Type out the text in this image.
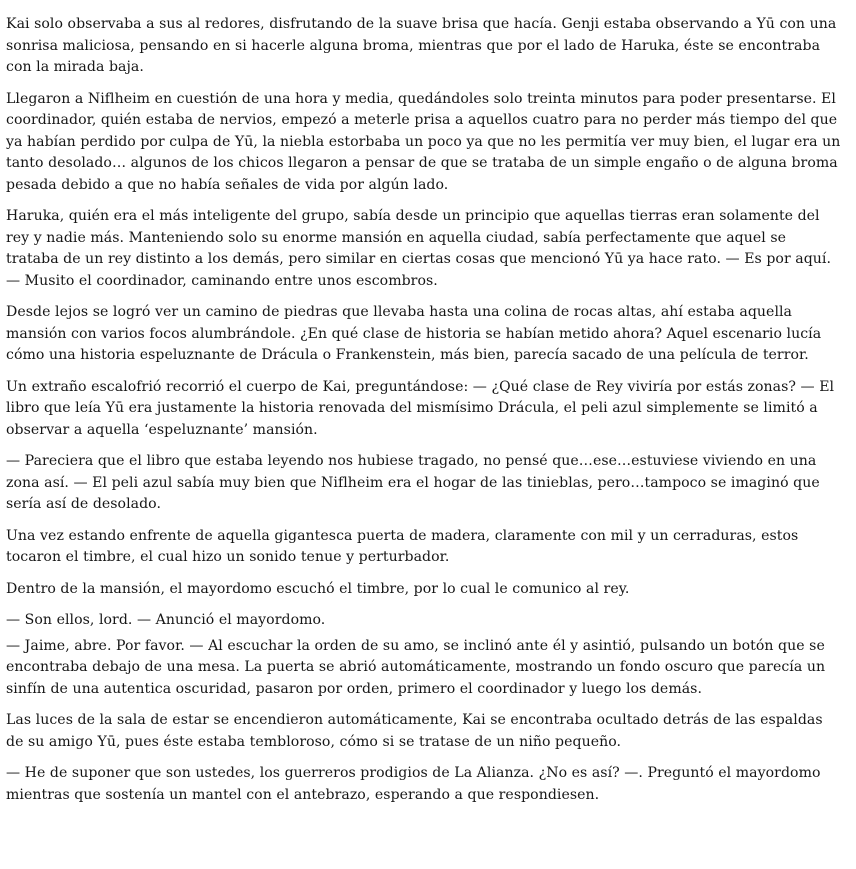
Kai solo observaba a sus al redores, disfrutando de la suave brisa que hacía. Genji estaba observando a Yū con una sonrisa maliciosa, pensando en si hacerle alguna broma, mientras que por el lado de Haruka, éste se encontraba con la mirada baja.

Llegaron a Niflheim en cuestión de una hora y media, quedándoles solo treinta minutos para poder presentarse. El coordinador, quién estaba de nervios, empezó a meterle prisa a aquellos cuatro para no perder más tiempo del que ya habían perdido por culpa de Yū, la niebla estorbaba un poco ya que no les permitía ver muy bien, el lugar era un tanto desolado… algunos de los chicos llegaron a pensar de que se trataba de un simple engaño o de alguna broma pesada debido a que no había señales de vida por algún lado.

Haruka, quién era el más inteligente del grupo, sabía desde un principio que aquellas tierras eran solamente del rey y nadie más. Manteniendo solo su enorme mansión en aquella ciudad, sabía perfectamente que aquel se trataba de un rey distinto a los demás, pero similar en ciertas cosas que mencionó Yū ya hace rato. — Es por aquí. — Musito el coordinador, caminando entre unos escombros.

Desde lejos se logró ver un camino de piedras que llevaba hasta una colina de rocas altas, ahí estaba aquella mansión con varios focos alumbrándole. ¿En qué clase de historia se habían metido ahora? Aquel escenario lucía cómo una historia espeluznante de Drácula o Frankenstein, más bien, parecía sacado de una película de terror.

Un extraño escalofrió recorrió el cuerpo de Kai, preguntándose: — ¿Qué clase de Rey viviría por estás zonas? — El libro que leía Yū era justamente la historia renovada del mismísimo Drácula, el peli azul simplemente se limitó a observar a aquella ‘espeluznante’ mansión.

— Pareciera que el libro que estaba leyendo nos hubiese tragado, no pensé que…ese…estuviese viviendo en una zona así. — El peli azul sabía muy bien que Niflheim era el hogar de las tinieblas, pero…tampoco se imaginó que sería así de desolado.

Una vez estando enfrente de aquella gigantesca puerta de madera, claramente con mil y un cerraduras, estos tocaron el timbre, el cual hizo un sonido tenue y perturbador.

Dentro de la mansión, el mayordomo escuchó el timbre, por lo cual le comunico al rey.

— Son ellos, lord. — Anunció el mayordomo.

— Jaime, abre. Por favor. — Al escuchar la orden de su amo, se inclinó ante él y asintió, pulsando un botón que se encontraba debajo de una mesa. La puerta se abrió automáticamente, mostrando un fondo oscuro que parecía un sinfín de una autentica oscuridad, pasaron por orden, primero el coordinador y luego los demás.

Las luces de la sala de estar se encendieron automáticamente, Kai se encontraba ocultado detrás de las espaldas de su amigo Yū, pues éste estaba tembloroso, cómo si se tratase de un niño pequeño.

— He de suponer que son ustedes, los guerreros prodigios de La Alianza. ¿No es así? —. Preguntó el mayordomo mientras que sostenía un mantel con el antebrazo, esperando a que respondiesen.
